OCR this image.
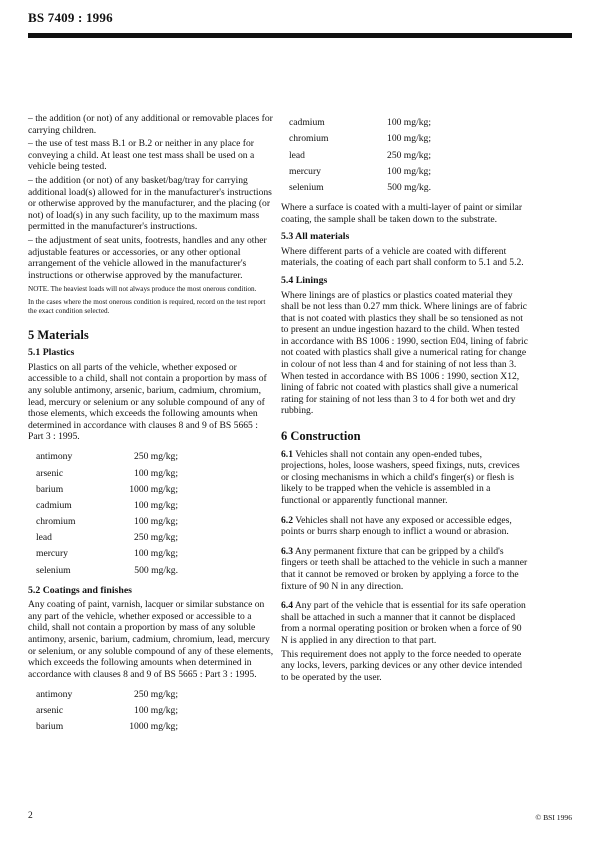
BS 7409 : 1996

– the addition (or not) of any additional or removable places for carrying children.

– the use of test mass B.1 or B.2 or neither in any place for conveying a child. At least one test mass shall be used on a vehicle being tested.

– the addition (or not) of any basket/bag/tray for carrying additional load(s) allowed for in the manufacturer's instructions or otherwise approved by the manufacturer, and the placing (or not) of load(s) in any such facility, up to the maximum mass permitted in the manufacturer's instructions.

– the adjustment of seat units, footrests, handles and any other adjustable features or accessories, or any other optional arrangement of the vehicle allowed in the manufacturer's instructions or otherwise approved by the manufacturer.

NOTE. The heaviest loads will not always produce the most onerous condition.

In the cases where the most onerous condition is required, record on the test report the exact condition selected.

5 Materials
5.1 Plastics

Plastics on all parts of the vehicle, whether exposed or accessible to a child, shall not contain a proportion by mass of any soluble antimony, arsenic, barium, cadmium, chromium, lead, mercury or selenium or any soluble compound of any of those elements, which exceeds the following amounts when determined in accordance with clauses 8 and 9 of BS 5665 : Part 3 : 1995.

antimony	250 mg/kg;
arsenic	100 mg/kg;
barium	1000 mg/kg;
cadmium	100 mg/kg;
chromium	100 mg/kg;
lead	250 mg/kg;
mercury	100 mg/kg;
selenium	500 mg/kg.
5.2 Coatings and finishes

Any coating of paint, varnish, lacquer or similar substance on any part of the vehicle, whether exposed or accessible to a child, shall not contain a proportion by mass of any soluble antimony, arsenic, barium, cadmium, chromium, lead, mercury or selenium, or any soluble compound of any of these elements, which exceeds the following amounts when determined in accordance with clauses 8 and 9 of BS 5665 : Part 3 : 1995.

antimony	250 mg/kg;
arsenic	100 mg/kg;
barium	1000 mg/kg;
cadmium	100 mg/kg;
chromium	100 mg/kg;
lead	250 mg/kg;
mercury	100 mg/kg;
selenium	500 mg/kg.

Where a surface is coated with a multi-layer of paint or similar coating, the sample shall be taken down to the substrate.

5.3 All materials

Where different parts of a vehicle are coated with different materials, the coating of each part shall conform to 5.1 and 5.2.

5.4 Linings

Where linings are of plastics or plastics coated material they shall be not less than 0.27 mm thick. Where linings are of fabric that is not coated with plastics they shall be so tensioned as not to present an undue ingestion hazard to the child. When tested in accordance with BS 1006 : 1990, section E04, lining of fabric not coated with plastics shall give a numerical rating for change in colour of not less than 4 and for staining of not less than 3. When tested in accordance with BS 1006 : 1990, section X12, lining of fabric not coated with plastics shall give a numerical rating for staining of not less than 3 to 4 for both wet and dry rubbing.

6 Construction

6.1 Vehicles shall not contain any open-ended tubes, projections, holes, loose washers, speed fixings, nuts, crevices or closing mechanisms in which a child's finger(s) or flesh is likely to be trapped when the vehicle is assembled in a functional or apparently functional manner.

6.2 Vehicles shall not have any exposed or accessible edges, points or burrs sharp enough to inflict a wound or abrasion.

6.3 Any permanent fixture that can be gripped by a child's fingers or teeth shall be attached to the vehicle in such a manner that it cannot be removed or broken by applying a force to the fixture of 90 N in any direction.

6.4 Any part of the vehicle that is essential for its safe operation shall be attached in such a manner that it cannot be displaced from a normal operating position or broken when a force of 90 N is applied in any direction to that part.

This requirement does not apply to the force needed to operate any locks, levers, parking devices or any other device intended to be operated by the user.

2	© BSI 1996
